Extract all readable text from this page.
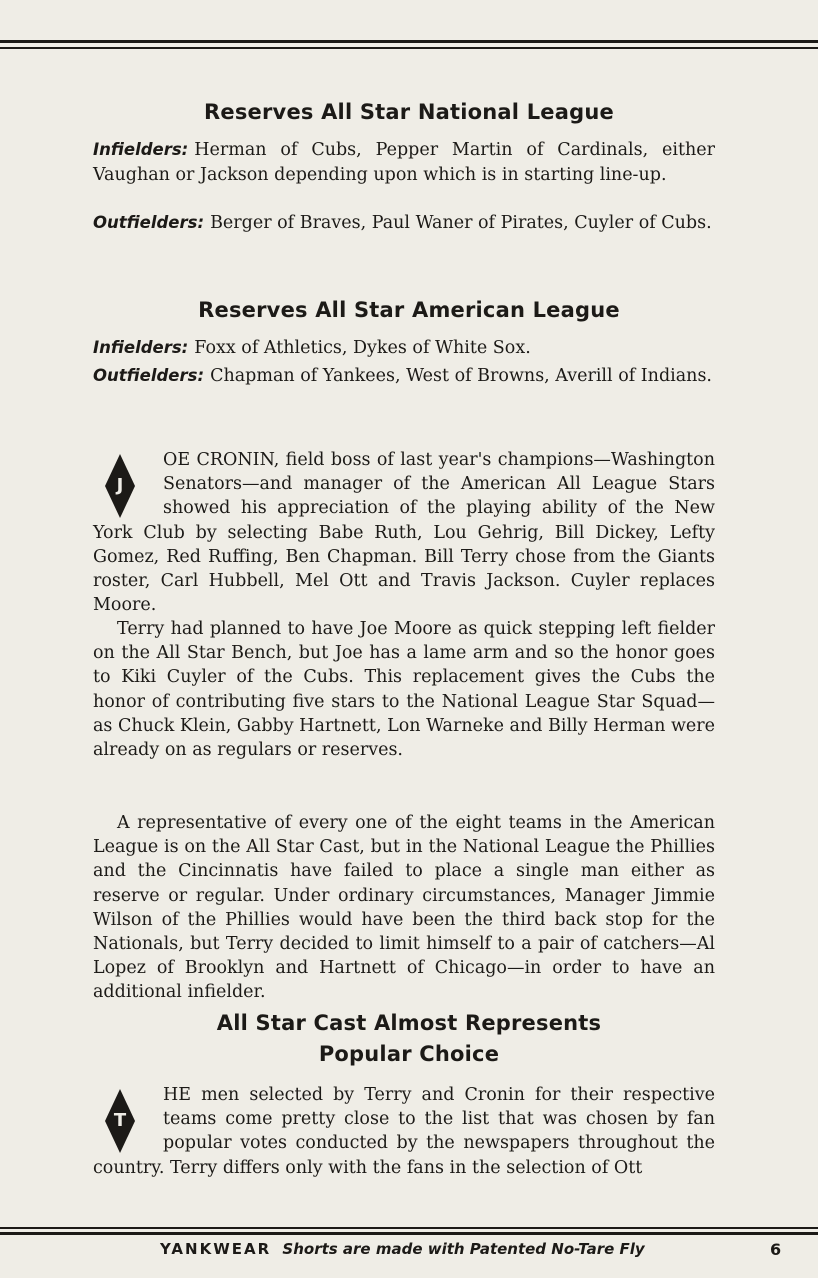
Reserves All Star National League
Infielders: Herman of Cubs, Pepper Martin of Cardinals, either Vaughan or Jackson depending upon which is in starting line-up.
Outfielders: Berger of Braves, Paul Waner of Pirates, Cuyler of Cubs.
Reserves All Star American League
Infielders: Foxx of Athletics, Dykes of White Sox.
Outfielders: Chapman of Yankees, West of Browns, Averill of Indians.
J
OE CRONIN, field boss of last year's champions—Washington Senators—and manager of the American All League Stars showed his appreciation of the playing ability of the New York Club by selecting Babe Ruth, Lou Gehrig, Bill Dickey, Lefty Gomez, Red Ruffing, Ben Chapman. Bill Terry chose from the Giants roster, Carl Hubbell, Mel Ott and Travis Jackson. Cuyler replaces Moore.

Terry had planned to have Joe Moore as quick stepping left fielder on the All Star Bench, but Joe has a lame arm and so the honor goes to Kiki Cuyler of the Cubs. This replacement gives the Cubs the honor of contributing five stars to the National League Star Squad—as Chuck Klein, Gabby Hartnett, Lon Warneke and Billy Herman were already on as regulars or reserves.

A representative of every one of the eight teams in the American League is on the All Star Cast, but in the National League the Phillies and the Cincinnatis have failed to place a single man either as reserve or regular. Under ordinary circumstances, Manager Jimmie Wilson of the Phillies would have been the third back stop for the Nationals, but Terry decided to limit himself to a pair of catchers—Al Lopez of Brooklyn and Hartnett of Chicago—in order to have an additional infielder.

All Star Cast Almost Represents
Popular Choice
T
HE men selected by Terry and Cronin for their respective teams come pretty close to the list that was chosen by fan popular votes conducted by the newspapers throughout the country. Terry differs only with the fans in the selection of Ott
YANKWEAR Shorts are made with Patented No-Tare Fly	6
